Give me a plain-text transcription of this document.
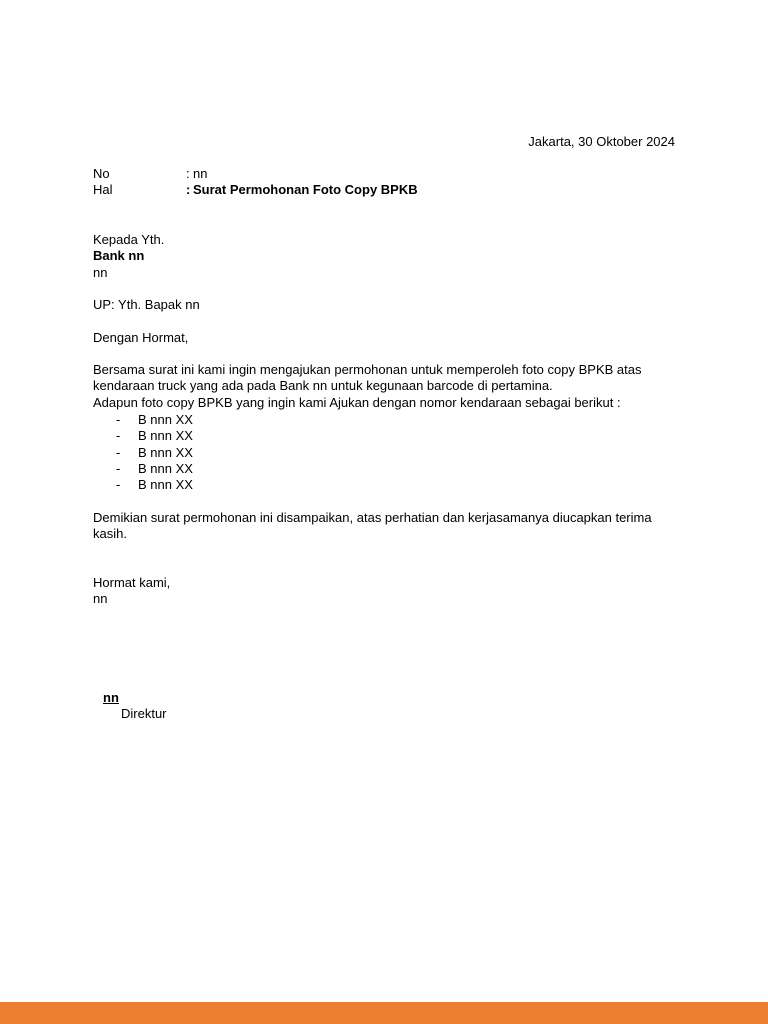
Jakarta, 30 Oktober 2024
No	: nn
Hal	: Surat Permohonan Foto Copy BPKB
Kepada Yth.
Bank nn
nn
UP: Yth. Bapak nn
Dengan Hormat,
Bersama surat ini kami ingin mengajukan permohonan untuk memperoleh foto copy BPKB atas
kendaraan truck yang ada pada Bank nn untuk kegunaan barcode di pertamina.
Adapun foto copy BPKB yang ingin kami Ajukan dengan nomor kendaraan sebagai berikut :
-	B nnn XX
-	B nnn XX
-	B nnn XX
-	B nnn XX
-	B nnn XX
Demikian surat permohonan ini disampaikan, atas perhatian dan kerjasamanya diucapkan terima
kasih.
Hormat kami,
nn
nn
Direktur
